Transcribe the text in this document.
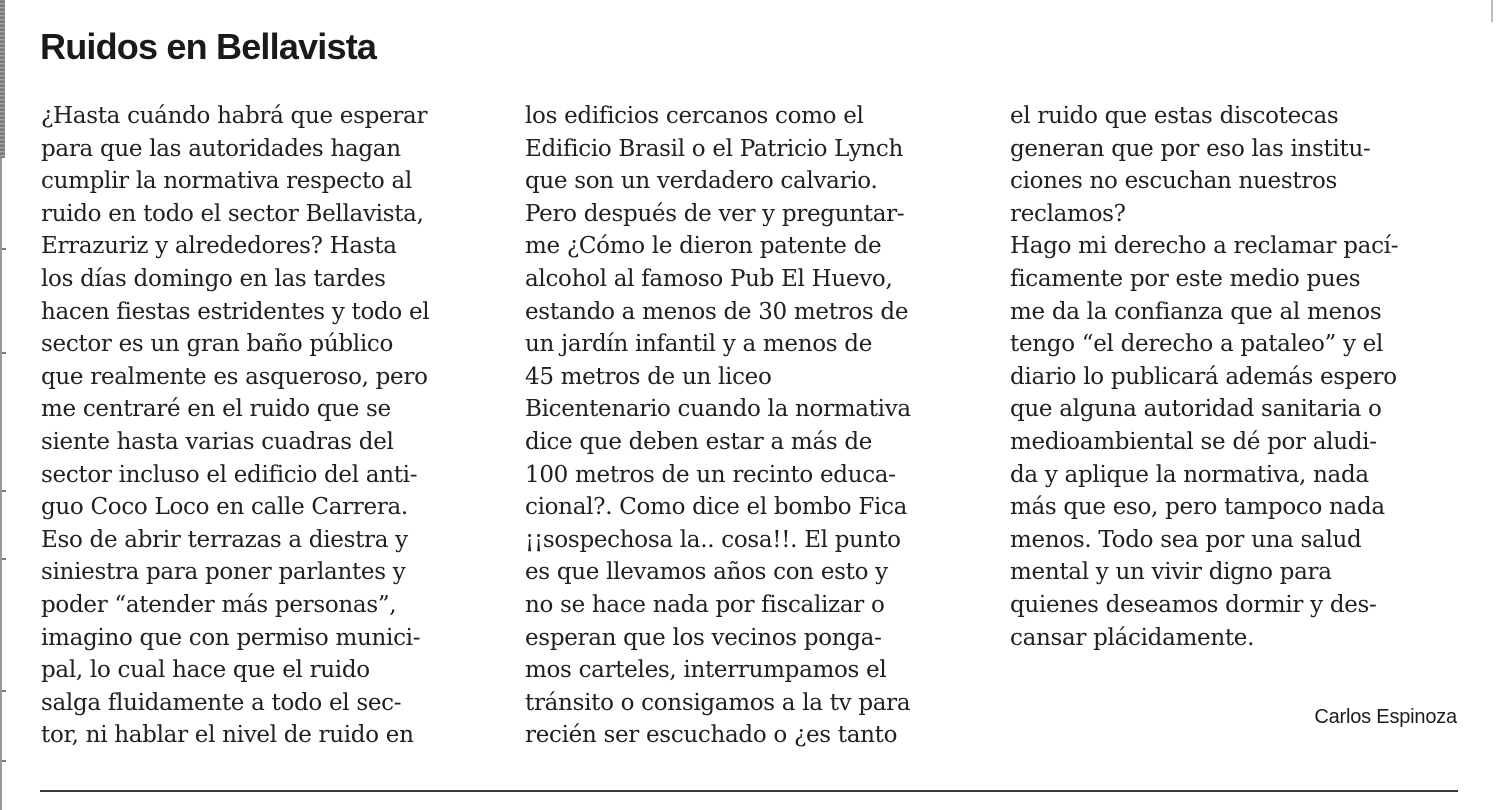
Ruidos en Bellavista
¿Hasta cuándo habrá que esperar
para que las autoridades hagan
cumplir la normativa respecto al
ruido en todo el sector Bellavista,
Errazuriz y alrededores? Hasta
los días domingo en las tardes
hacen fiestas estridentes y todo el
sector es un gran baño público
que realmente es asqueroso, pero
me centraré en el ruido que se
siente hasta varias cuadras del
sector incluso el edificio del anti-
guo Coco Loco en calle Carrera.
Eso de abrir terrazas a diestra y
siniestra para poner parlantes y
poder “atender más personas”,
imagino que con permiso munici-
pal, lo cual hace que el ruido
salga fluidamente a todo el sec-
tor, ni hablar el nivel de ruido en
los edificios cercanos como el
Edificio Brasil o el Patricio Lynch
que son un verdadero calvario.
Pero después de ver y preguntar-
me ¿Cómo le dieron patente de
alcohol al famoso Pub El Huevo,
estando a menos de 30 metros de
un jardín infantil y a menos de
45 metros de un liceo
Bicentenario cuando la normativa
dice que deben estar a más de
100 metros de un recinto educa-
cional?. Como dice el bombo Fica
¡¡sospechosa la.. cosa!!. El punto
es que llevamos años con esto y
no se hace nada por fiscalizar o
esperan que los vecinos ponga-
mos carteles, interrumpamos el
tránsito o consigamos a la tv para
recién ser escuchado o ¿es tanto
el ruido que estas discotecas
generan que por eso las institu-
ciones no escuchan nuestros
reclamos?
Hago mi derecho a reclamar pací-
ficamente por este medio pues
me da la confianza que al menos
tengo “el derecho a pataleo” y el
diario lo publicará además espero
que alguna autoridad sanitaria o
medioambiental se dé por aludi-
da y aplique la normativa, nada
más que eso, pero tampoco nada
menos. Todo sea por una salud
mental y un vivir digno para
quienes deseamos dormir y des-
cansar plácidamente.
Carlos Espinoza
